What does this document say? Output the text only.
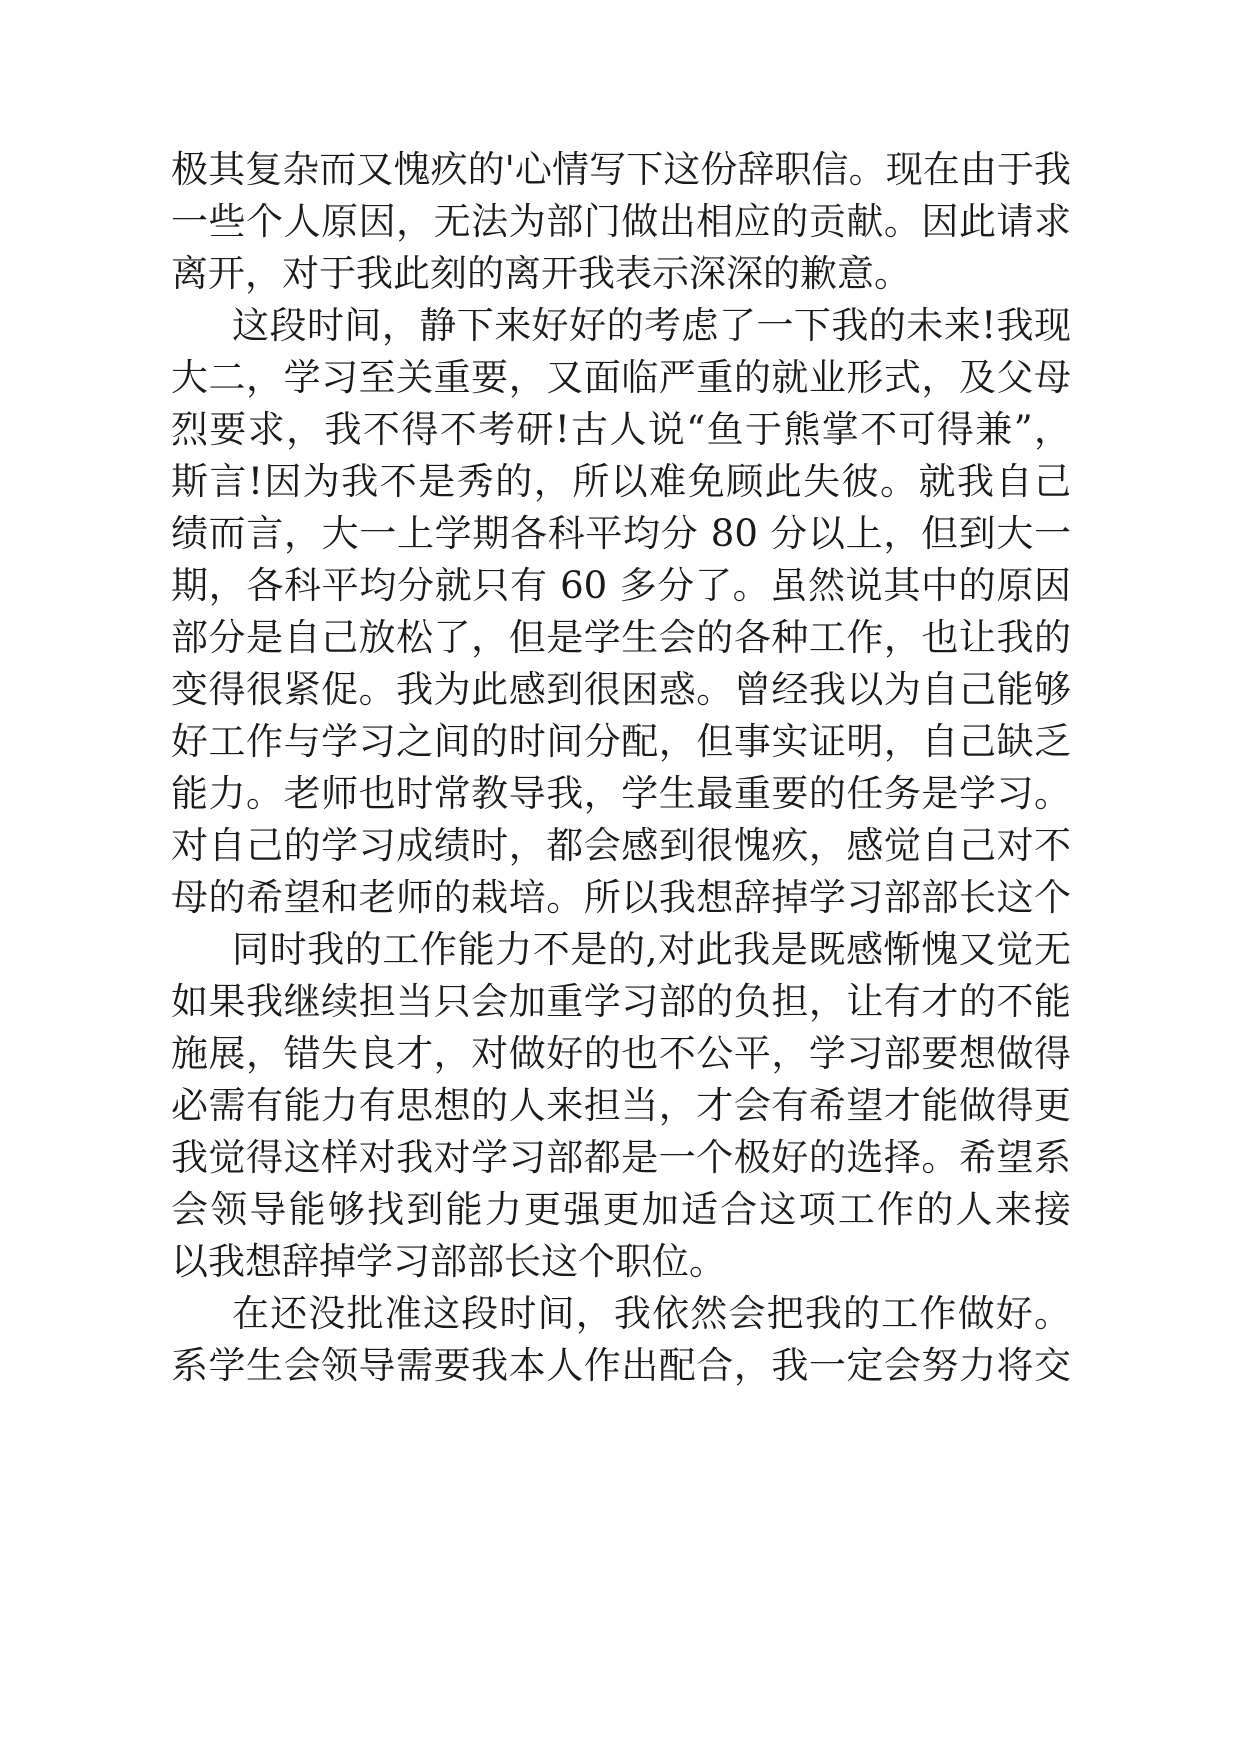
极其复杂而又愧疚的'心情写下这份辞职信。现在由于我
一些个人原因，无法为部门做出相应的贡献。因此请求
离开，对于我此刻的离开我表示深深的歉意。
这段时间，静下来好好的考虑了一下我的未来!我现
大二，学习至关重要，又面临严重的就业形式，及父母
烈要求，我不得不考研!古人说“鱼于熊掌不可得兼”，
斯言!因为我不是秀的，所以难免顾此失彼。就我自己
绩而言，大一上学期各科平均分 80 分以上，但到大一
期，各科平均分就只有 60 多分了。虽然说其中的原因
部分是自己放松了，但是学生会的各种工作，也让我的
变得很紧促。我为此感到很困惑。曾经我以为自己能够
好工作与学习之间的时间分配，但事实证明，自己缺乏
能力。老师也时常教导我，学生最重要的任务是学习。
对自己的学习成绩时，都会感到很愧疚，感觉自己对不
母的希望和老师的栽培。所以我想辞掉学习部部长这个
同时我的工作能力不是的,对此我是既感惭愧又觉无
如果我继续担当只会加重学习部的负担，让有才的不能
施展，错失良才，对做好的也不公平，学习部要想做得
必需有能力有思想的人来担当，才会有希望才能做得更
我觉得这样对我对学习部都是一个极好的选择。希望系
会领导能够找到能力更强更加适合这项工作的人来接
以我想辞掉学习部部长这个职位。
在还没批准这段时间，我依然会把我的工作做好。
系学生会领导需要我本人作出配合，我一定会努力将交
